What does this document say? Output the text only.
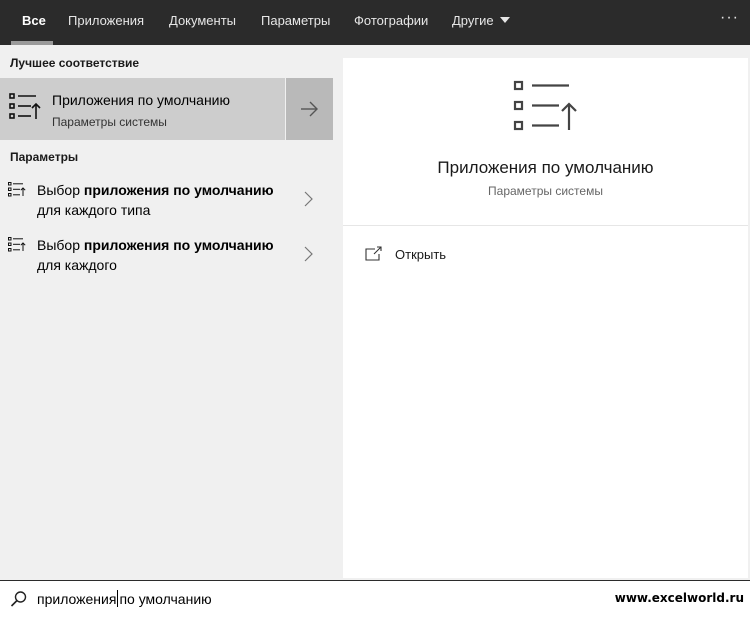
Все Приложения Документы Параметры Фотографии Другие	···
Лучшее соответствие
Приложения по умолчанию
Параметры системы
Параметры
Выбор приложения по умолчанию для каждого типа
Выбор приложения по умолчанию для каждого
Приложения по умолчанию
Параметры системы
Открыть
приложения по умолчанию	www.excelworld.ru
